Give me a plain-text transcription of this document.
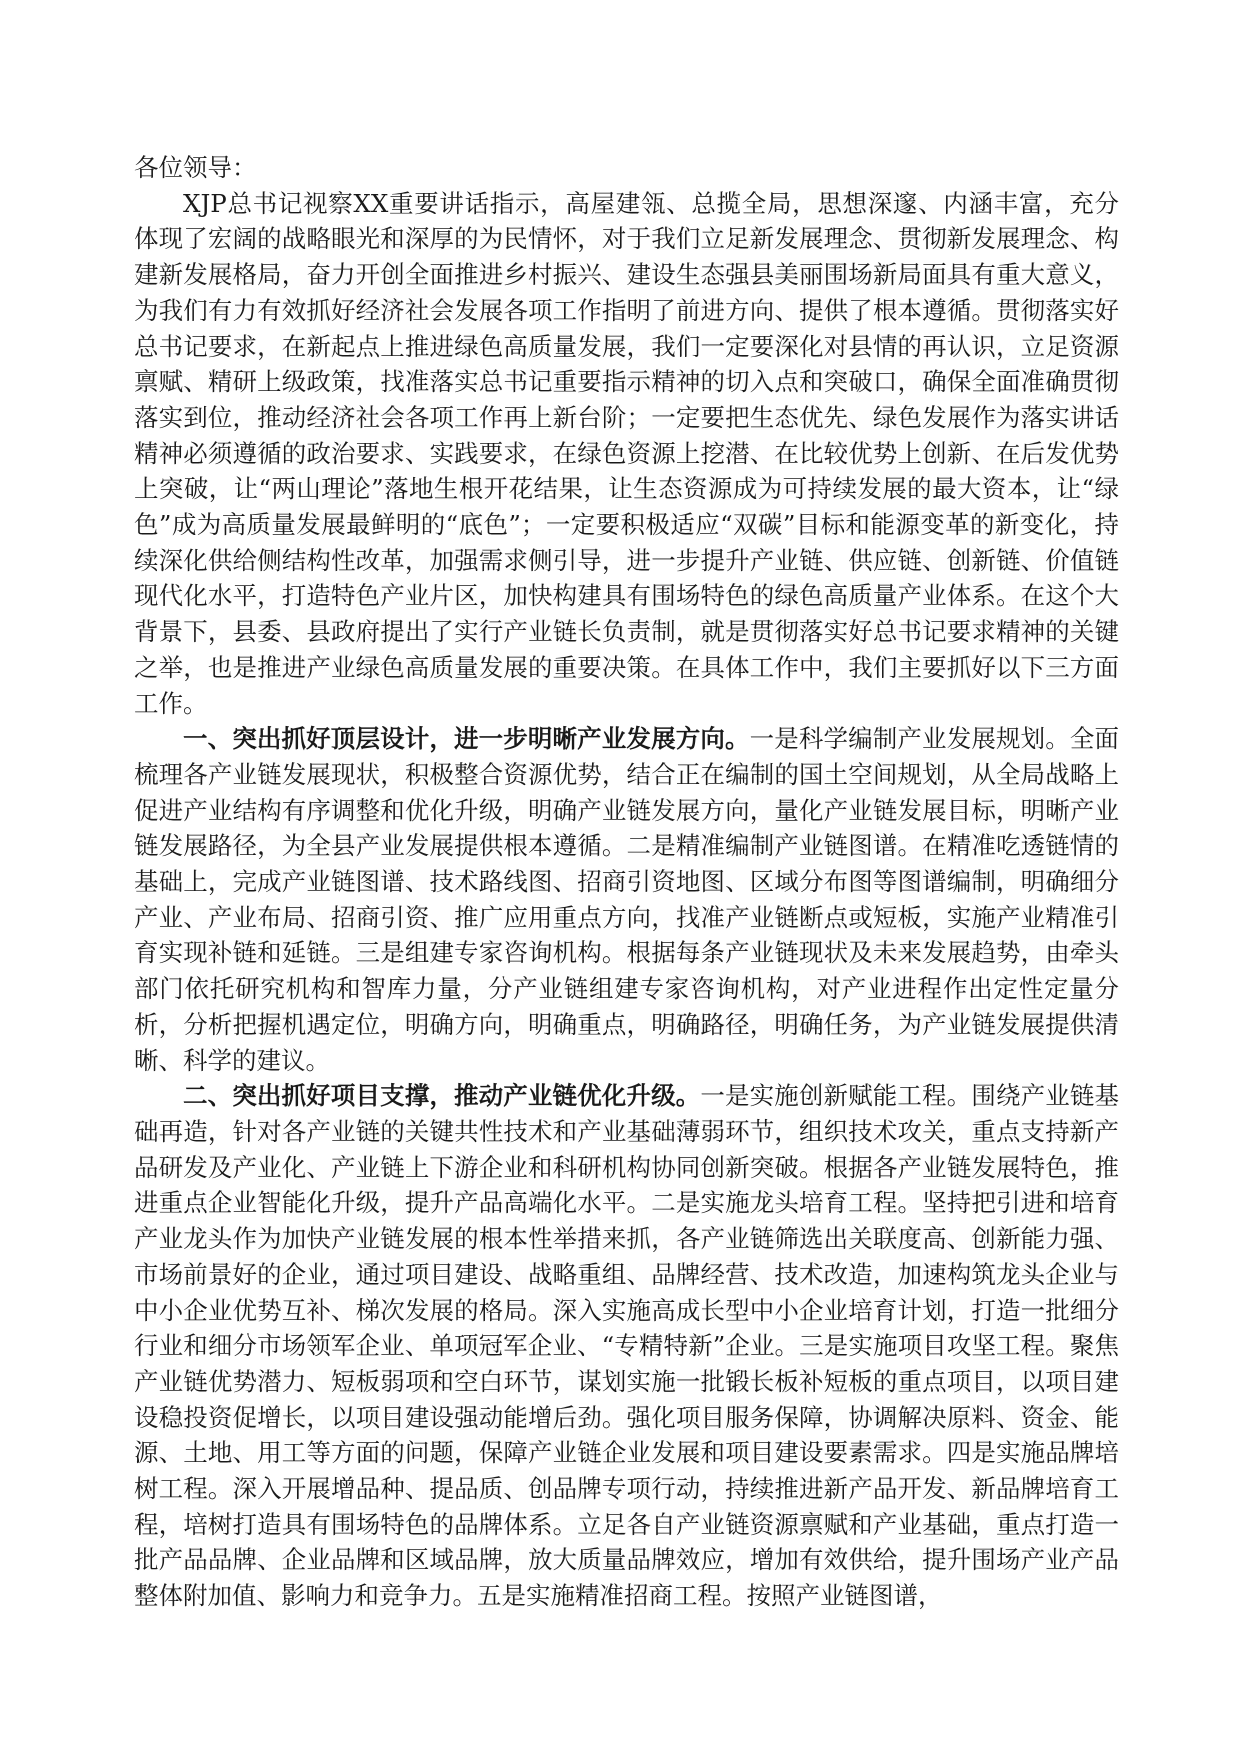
各位领导：

XJP总书记视察XX重要讲话指示，高屋建瓴、总揽全局，思想深邃、内涵丰富，充分体现了宏阔的战略眼光和深厚的为民情怀，对于我们立足新发展理念、贯彻新发展理念、构建新发展格局，奋力开创全面推进乡村振兴、建设生态强县美丽围场新局面具有重大意义，为我们有力有效抓好经济社会发展各项工作指明了前进方向、提供了根本遵循。贯彻落实好总书记要求，在新起点上推进绿色高质量发展，我们一定要深化对县情的再认识，立足资源禀赋、精研上级政策，找准落实总书记重要指示精神的切入点和突破口，确保全面准确贯彻落实到位，推动经济社会各项工作再上新台阶；一定要把生态优先、绿色发展作为落实讲话精神必须遵循的政治要求、实践要求，在绿色资源上挖潜、在比较优势上创新、在后发优势上突破，让“两山理论”落地生根开花结果，让生态资源成为可持续发展的最大资本，让“绿色”成为高质量发展最鲜明的“底色”；一定要积极适应“双碳”目标和能源变革的新变化，持续深化供给侧结构性改革，加强需求侧引导，进一步提升产业链、供应链、创新链、价值链现代化水平，打造特色产业片区，加快构建具有围场特色的绿色高质量产业体系。在这个大背景下，县委、县政府提出了实行产业链长负责制，就是贯彻落实好总书记要求精神的关键之举，也是推进产业绿色高质量发展的重要决策。在具体工作中，我们主要抓好以下三方面工作。

一、突出抓好顶层设计，进一步明晰产业发展方向。一是科学编制产业发展规划。全面梳理各产业链发展现状，积极整合资源优势，结合正在编制的国土空间规划，从全局战略上促进产业结构有序调整和优化升级，明确产业链发展方向，量化产业链发展目标，明晰产业链发展路径，为全县产业发展提供根本遵循。二是精准编制产业链图谱。在精准吃透链情的基础上，完成产业链图谱、技术路线图、招商引资地图、区域分布图等图谱编制，明确细分产业、产业布局、招商引资、推广应用重点方向，找准产业链断点或短板，实施产业精准引育实现补链和延链。三是组建专家咨询机构。根据每条产业链现状及未来发展趋势，由牵头部门依托研究机构和智库力量，分产业链组建专家咨询机构，对产业进程作出定性定量分析，分析把握机遇定位，明确方向，明确重点，明确路径，明确任务，为产业链发展提供清晰、科学的建议。

二、突出抓好项目支撑，推动产业链优化升级。一是实施创新赋能工程。围绕产业链基础再造，针对各产业链的关键共性技术和产业基础薄弱环节，组织技术攻关，重点支持新产品研发及产业化、产业链上下游企业和科研机构协同创新突破。根据各产业链发展特色，推进重点企业智能化升级，提升产品高端化水平。二是实施龙头培育工程。坚持把引进和培育产业龙头作为加快产业链发展的根本性举措来抓，各产业链筛选出关联度高、创新能力强、市场前景好的企业，通过项目建设、战略重组、品牌经营、技术改造，加速构筑龙头企业与中小企业优势互补、梯次发展的格局。深入实施高成长型中小企业培育计划，打造一批细分行业和细分市场领军企业、单项冠军企业、“专精特新”企业。三是实施项目攻坚工程。聚焦产业链优势潜力、短板弱项和空白环节，谋划实施一批锻长板补短板的重点项目，以项目建设稳投资促增长，以项目建设强动能增后劲。强化项目服务保障，协调解决原料、资金、能源、土地、用工等方面的问题，保障产业链企业发展和项目建设要素需求。四是实施品牌培树工程。深入开展增品种、提品质、创品牌专项行动，持续推进新产品开发、新品牌培育工程，培树打造具有围场特色的品牌体系。立足各自产业链资源禀赋和产业基础，重点打造一批产品品牌、企业品牌和区域品牌，放大质量品牌效应，增加有效供给，提升围场产业产品整体附加值、影响力和竞争力。五是实施精准招商工程。按照产业链图谱，
